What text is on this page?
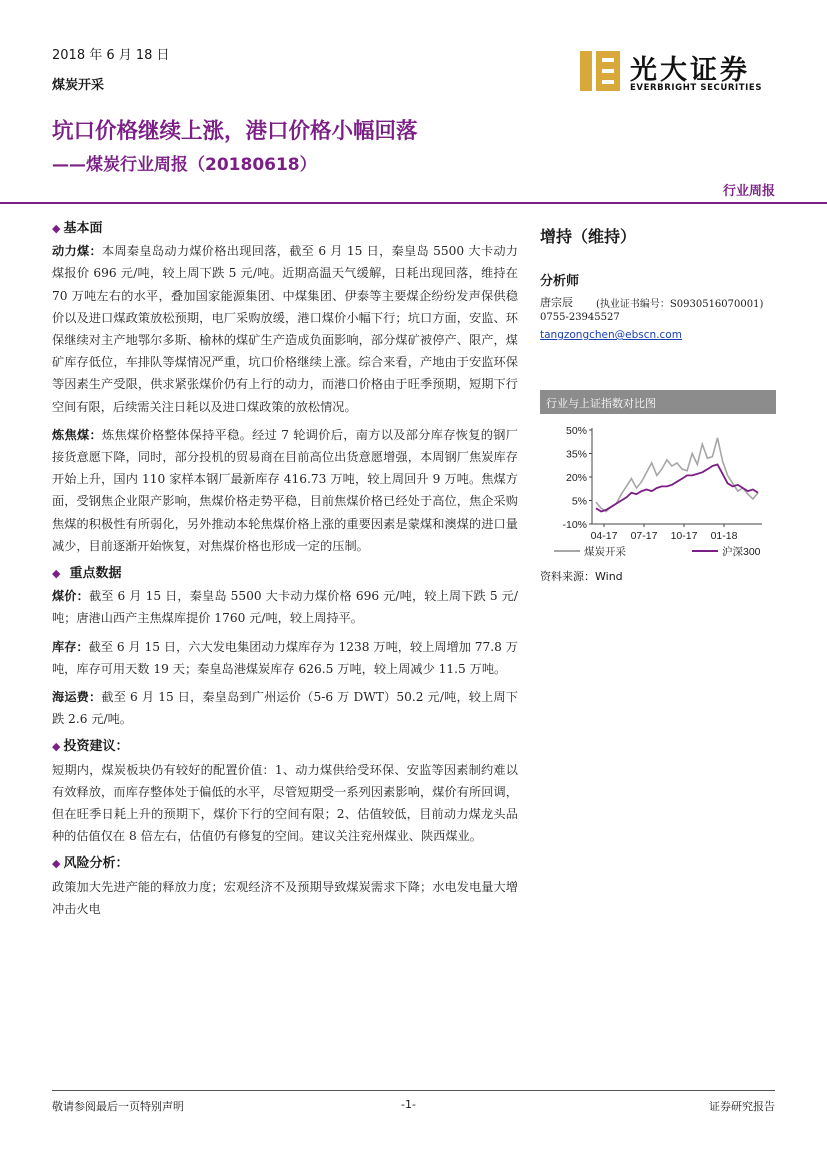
2018 年 6 月 18 日
煤炭开采	光大证券
EVERBRIGHT SECURITIES
坑口价格继续上涨，港口价格小幅回落
——煤炭行业周报（20180618）
行业周报
◆ 基本面

动力煤：本周秦皇岛动力煤价格出现回落，截至 6 月 15 日，秦皇岛 5500 大卡动力煤报价 696 元/吨，较上周下跌 5 元/吨。近期高温天气缓解，日耗出现回落，维持在 70 万吨左右的水平，叠加国家能源集团、中煤集团、伊泰等主要煤企纷纷发声保供稳价以及进口煤政策放松预期，电厂采购放缓，港口煤价小幅下行；坑口方面，安监、环保继续对主产地鄂尔多斯、榆林的煤矿生产造成负面影响，部分煤矿被停产、限产，煤矿库存低位，车排队等煤情况严重，坑口价格继续上涨。综合来看，产地由于安监环保等因素生产受限，供求紧张煤价仍有上行的动力，而港口价格由于旺季预期，短期下行空间有限，后续需关注日耗以及进口煤政策的放松情况。

炼焦煤：炼焦煤价格整体保持平稳。经过 7 轮调价后，南方以及部分库存恢复的钢厂接货意愿下降，同时，部分投机的贸易商在目前高位出货意愿增强，本周钢厂焦炭库存开始上升，国内 110 家样本钢厂最新库存 416.73 万吨，较上周回升 9 万吨。焦煤方面，受钢焦企业限产影响，焦煤价格走势平稳，目前焦煤价格已经处于高位，焦企采购焦煤的积极性有所弱化，另外推动本轮焦煤价格上涨的重要因素是蒙煤和澳煤的进口量减少，目前逐渐开始恢复，对焦煤价格也形成一定的压制。

◆ 重点数据

煤价：截至 6 月 15 日，秦皇岛 5500 大卡动力煤价格 696 元/吨，较上周下跌 5 元/吨；唐港山西产主焦煤库提价 1760 元/吨，较上周持平。

库存：截至 6 月 15 日，六大发电集团动力煤库存为 1238 万吨，较上周增加 77.8 万吨，库存可用天数 19 天；秦皇岛港煤炭库存 626.5 万吨，较上周减少 11.5 万吨。

海运费：截至 6 月 15 日，秦皇岛到广州运价（5-6 万 DWT）50.2 元/吨，较上周下跌 2.6 元/吨。

◆ 投资建议：

短期内，煤炭板块仍有较好的配置价值：1、动力煤供给受环保、安监等因素制约难以有效释放，而库存整体处于偏低的水平，尽管短期受一系列因素影响，煤价有所回调，但在旺季日耗上升的预期下，煤价下行的空间有限；2、估值较低，目前动力煤龙头品种的估值仅在 8 倍左右，估值仍有修复的空间。建议关注兖州煤业、陕西煤业。

◆ 风险分析：

政策加大先进产能的释放力度；宏观经济不及预期导致煤炭需求下降；水电发电量大增冲击火电

增持（维持）
分析师
唐宗辰 (执业证书编号：S0930516070001)
0755-23945527
tangzongchen@ebscn.com
行业与上证指数对比图
50%
35%
20%
5%
-10%
04-17 07-17 10-17 01-18
煤炭开采	沪深300
资料来源：Wind
敬请参阅最后一页特别声明	-1-	证券研究报告
